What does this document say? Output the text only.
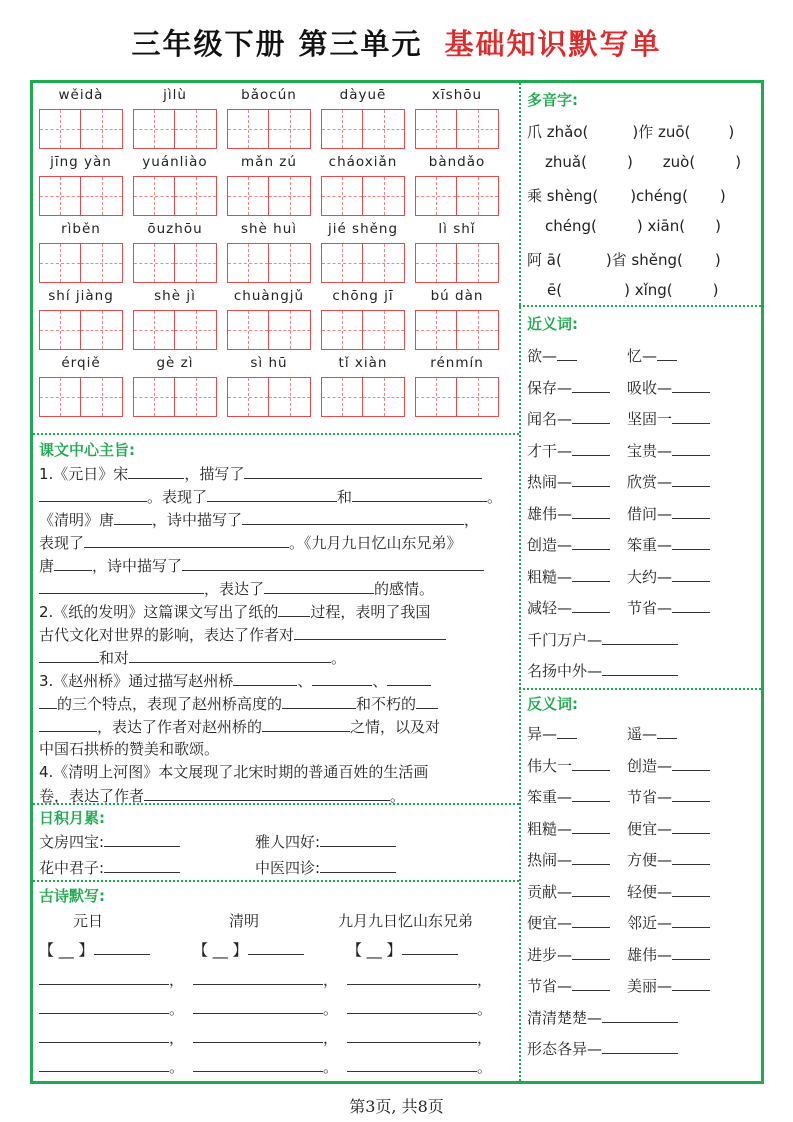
三年级下册 第三单元 基础知识默写单
wěidà	jìlù	bǎocún	dàyuē	xīshōu
jīng yàn	yuánliào	mǎn zú	cháoxiǎn	bàndǎo
rìběn	ōuzhōu	shè huì	jié shěng	lì shǐ
shí jiàng	shè jì	chuàngjǔ	chōng jī	bú dàn
érqiě	gè zì	sì hū	tǐ xiàn	rénmín
课文中心主旨:
1.《元日》宋	，描写了
。表现了	和	。
《清明》唐	，诗中描写了	，
表现了	。《九月九日忆山东兄弟》
唐	，诗中描写了
，表达了	的感情。
2.《纸的发明》这篇课文写出了纸的 过程，表明了我国
古代文化对世界的影响，表达了作者对
和对	。
3.《赵州桥》通过描写赵州桥	、	、
的三个特点，表现了赵州桥高度的	和不朽的
，表达了作者对赵州桥的	之情，以及对
中国石拱桥的赞美和歌颂。
4.《清明上河图》本文展现了北宋时期的普通百姓的生活画
卷，表达了作者	。
日积月累:
文房四宝:	雅人四好:
花中君子:	中医四诊:
古诗默写:
元日
【 __ 】
，
。
，
。
清明
【 __ 】
，
。
，
。
九月九日忆山东兄弟
【 __ 】
，
。
，
。
多音字:
爪 zhǎo(	)作 zuō(	)
zhuǎ(	) zuò(	)
乘 shèng( )chéng( )
chéng(	) xiān( )
阿 ā(	)省 shěng( )
ē(	) xǐng(	)
近义词:
欲—	忆—
保存—	吸收—
闻名—	坚固一
才干—	宝贵—
热闹—	欣赏—
雄伟—	借问—
创造—	笨重—
粗糙—	大约—
减轻—	节省—
千门万户—
名扬中外—
反义词:
异—	遥—
伟大一	创造—
笨重—	节省—
粗糙—	便宜—
热闹—	方便—
贡献—	轻便—
便宜—	邻近—
进步—	雄伟—
节省—	美丽—
清清楚楚—
形态各异—
第3页, 共8页
